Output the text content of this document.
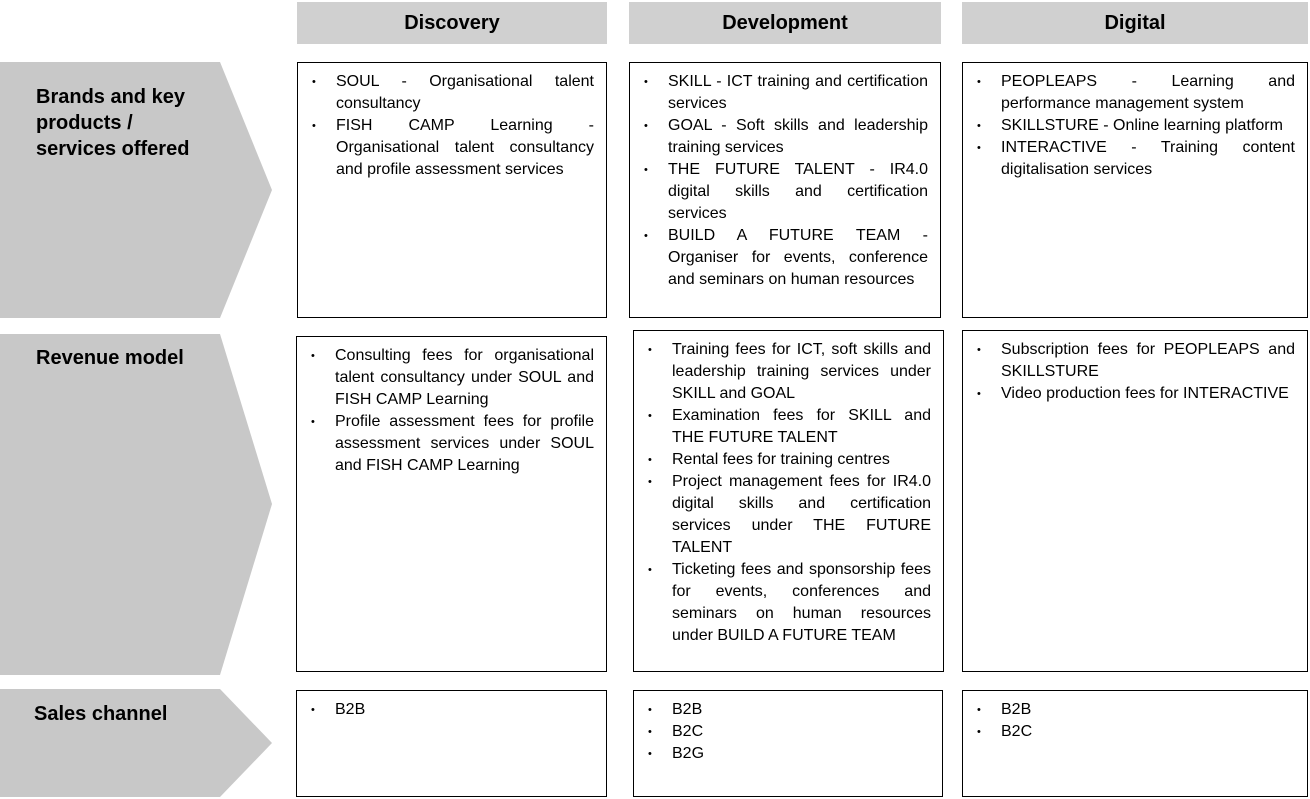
Discovery	Development	Digital
Brands and key products / services offered
Revenue model
Sales channel
• SOUL - Organisational talent consultancy
• FISH CAMP Learning - Organisational talent consultancy and profile assessment services
• SKILL - ICT training and certification services
• GOAL - Soft skills and leadership training services
• THE FUTURE TALENT - IR4.0 digital skills and certification services
• BUILD A FUTURE TEAM - Organiser for events, conference and seminars on human resources
• PEOPLEAPS - Learning and performance management system
• SKILLSTURE - Online learning platform
• INTERACTIVE - Training content digitalisation services
• Consulting fees for organisational talent consultancy under SOUL and FISH CAMP Learning
• Profile assessment fees for profile assessment services under SOUL and FISH CAMP Learning
• Training fees for ICT, soft skills and leadership training services under SKILL and GOAL
• Examination fees for SKILL and THE FUTURE TALENT
• Rental fees for training centres
• Project management fees for IR4.0 digital skills and certification services under THE FUTURE TALENT
• Ticketing fees and sponsorship fees for events, conferences and seminars on human resources under BUILD A FUTURE TEAM
• Subscription fees for PEOPLEAPS and SKILLSTURE
• Video production fees for INTERACTIVE
• B2B
•	B2B
• B2C
• B2G
• B2B
• B2C
